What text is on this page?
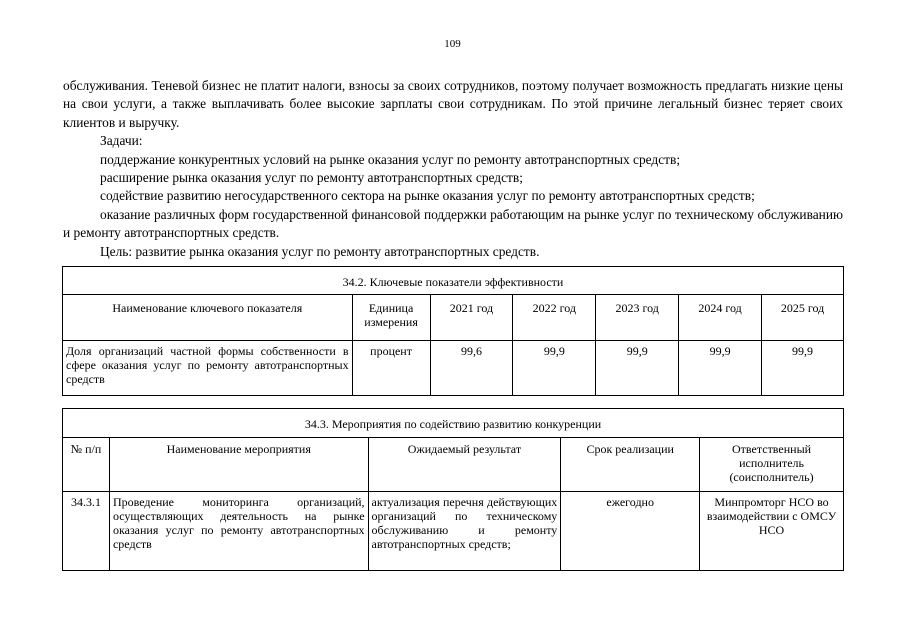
109

обслуживания. Теневой бизнес не платит налоги, взносы за своих сотрудников, поэтому получает возможность предлагать низкие цены на свои услуги, а также выплачивать более высокие зарплаты свои сотрудникам. По этой причине легальный бизнес теряет своих клиентов и выручку.

Задачи:

поддержание конкурентных условий на рынке оказания услуг по ремонту автотранспортных средств;

расширение рынка оказания услуг по ремонту автотранспортных средств;

содействие развитию негосударственного сектора на рынке оказания услуг по ремонту автотранспортных средств;

оказание различных форм государственной финансовой поддержки работающим на рынке услуг по техническому обслуживанию и ремонту автотранспортных средств.

Цель: развитие рынка оказания услуг по ремонту автотранспортных средств.

34.2. Ключевые показатели эффективности						
Наименование ключевого показателя	Единица измерения	2021 год	2022 год	2023 год	2024 год	2025 год
Доля организаций частной формы собственности в сфере оказания услуг по ремонту автотранспортных средств	процент	99,6	99,9	99,9	99,9	99,9
34.3. Мероприятия по содействию развитию конкуренции				
№ п/п	Наименование мероприятия	Ожидаемый результат	Срок реализации	Ответственный исполнитель (соисполнитель)
34.3.1	Проведение мониторинга организаций, осуществляющих деятельность на рынке оказания услуг по ремонту автотранспортных средств	актуализация перечня действующих организаций по техническому обслуживанию и ремонту автотранспортных средств;	ежегодно	Минпромторг НСО во взаимодействии с ОМСУ НСО
